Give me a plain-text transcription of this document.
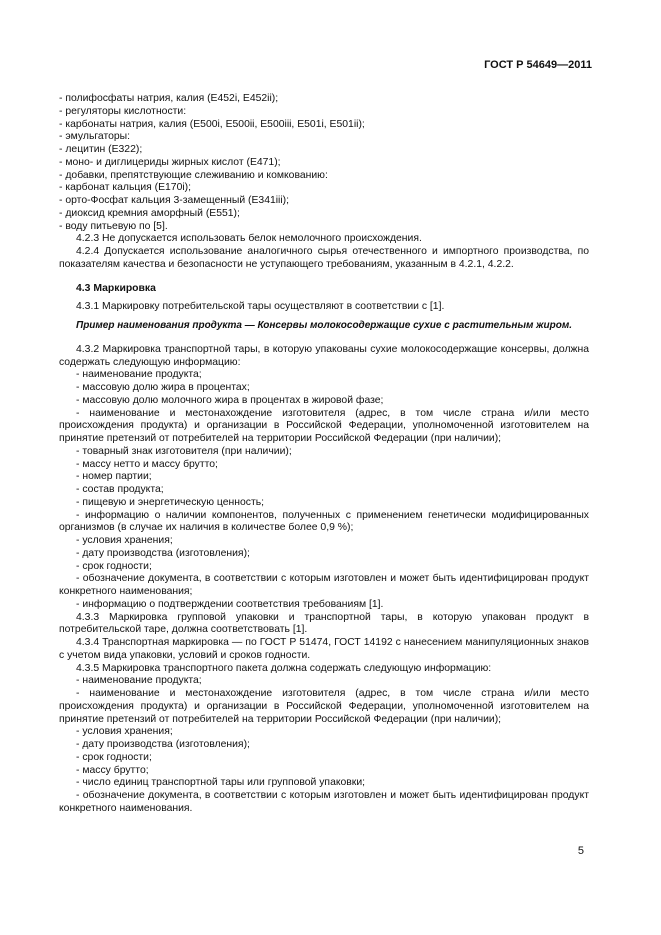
ГОСТ Р 54649—2011

- полифосфаты натрия, калия (E452i, E452ii);

- регуляторы кислотности:

- карбонаты натрия, калия (E500i, E500ii, E500iii, E501i, E501ii);

- эмульгаторы:

- лецитин (E322);

- моно- и диглицериды жирных кислот (E471);

- добавки, препятствующие слеживанию и комкованию:

- карбонат кальция (E170i);

- орто-Фосфат кальция 3-замещенный (E341iii);

- диоксид кремния аморфный (E551);

- воду питьевую по [5].

4.2.3 Не допускается использовать белок немолочного происхождения.

4.2.4 Допускается использование аналогичного сырья отечественного и импортного производства, по показателям качества и безопасности не уступающего требованиям, указанным в 4.2.1, 4.2.2.

4.3 Маркировка

4.3.1 Маркировку потребительской тары осуществляют в соответствии с [1].

Пример наименования продукта — Консервы молокосодержащие сухие с растительным жиром.

4.3.2 Маркировка транспортной тары, в которую упакованы сухие молокосодержащие консервы, должна содержать следующую информацию:

- наименование продукта;

- массовую долю жира в процентах;

- массовую долю молочного жира в процентах в жировой фазе;

- наименование и местонахождение изготовителя (адрес, в том числе страна и/или место происхождения продукта) и организации в Российской Федерации, уполномоченной изготовителем на принятие претензий от потребителей на территории Российской Федерации (при наличии);

- товарный знак изготовителя (при наличии);

- массу нетто и массу брутто;

- номер партии;

- состав продукта;

- пищевую и энергетическую ценность;

- информацию о наличии компонентов, полученных с применением генетически модифицированных организмов (в случае их наличия в количестве более 0,9 %);

- условия хранения;

- дату производства (изготовления);

- срок годности;

- обозначение документа, в соответствии с которым изготовлен и может быть идентифицирован продукт конкретного наименования;

- информацию о подтверждении соответствия требованиям [1].

4.3.3 Маркировка групповой упаковки и транспортной тары, в которую упакован продукт в потребительской таре, должна соответствовать [1].

4.3.4 Транспортная маркировка — по ГОСТ Р 51474, ГОСТ 14192 с нанесением манипуляционных знаков с учетом вида упаковки, условий и сроков годности.

4.3.5 Маркировка транспортного пакета должна содержать следующую информацию:

- наименование продукта;

- наименование и местонахождение изготовителя (адрес, в том числе страна и/или место происхождения продукта) и организации в Российской Федерации, уполномоченной изготовителем на принятие претензий от потребителей на территории Российской Федерации (при наличии);

- условия хранения;

- дату производства (изготовления);

- срок годности;

- массу брутто;

- число единиц транспортной тары или групповой упаковки;

- обозначение документа, в соответствии с которым изготовлен и может быть идентифицирован продукт конкретного наименования.

5
